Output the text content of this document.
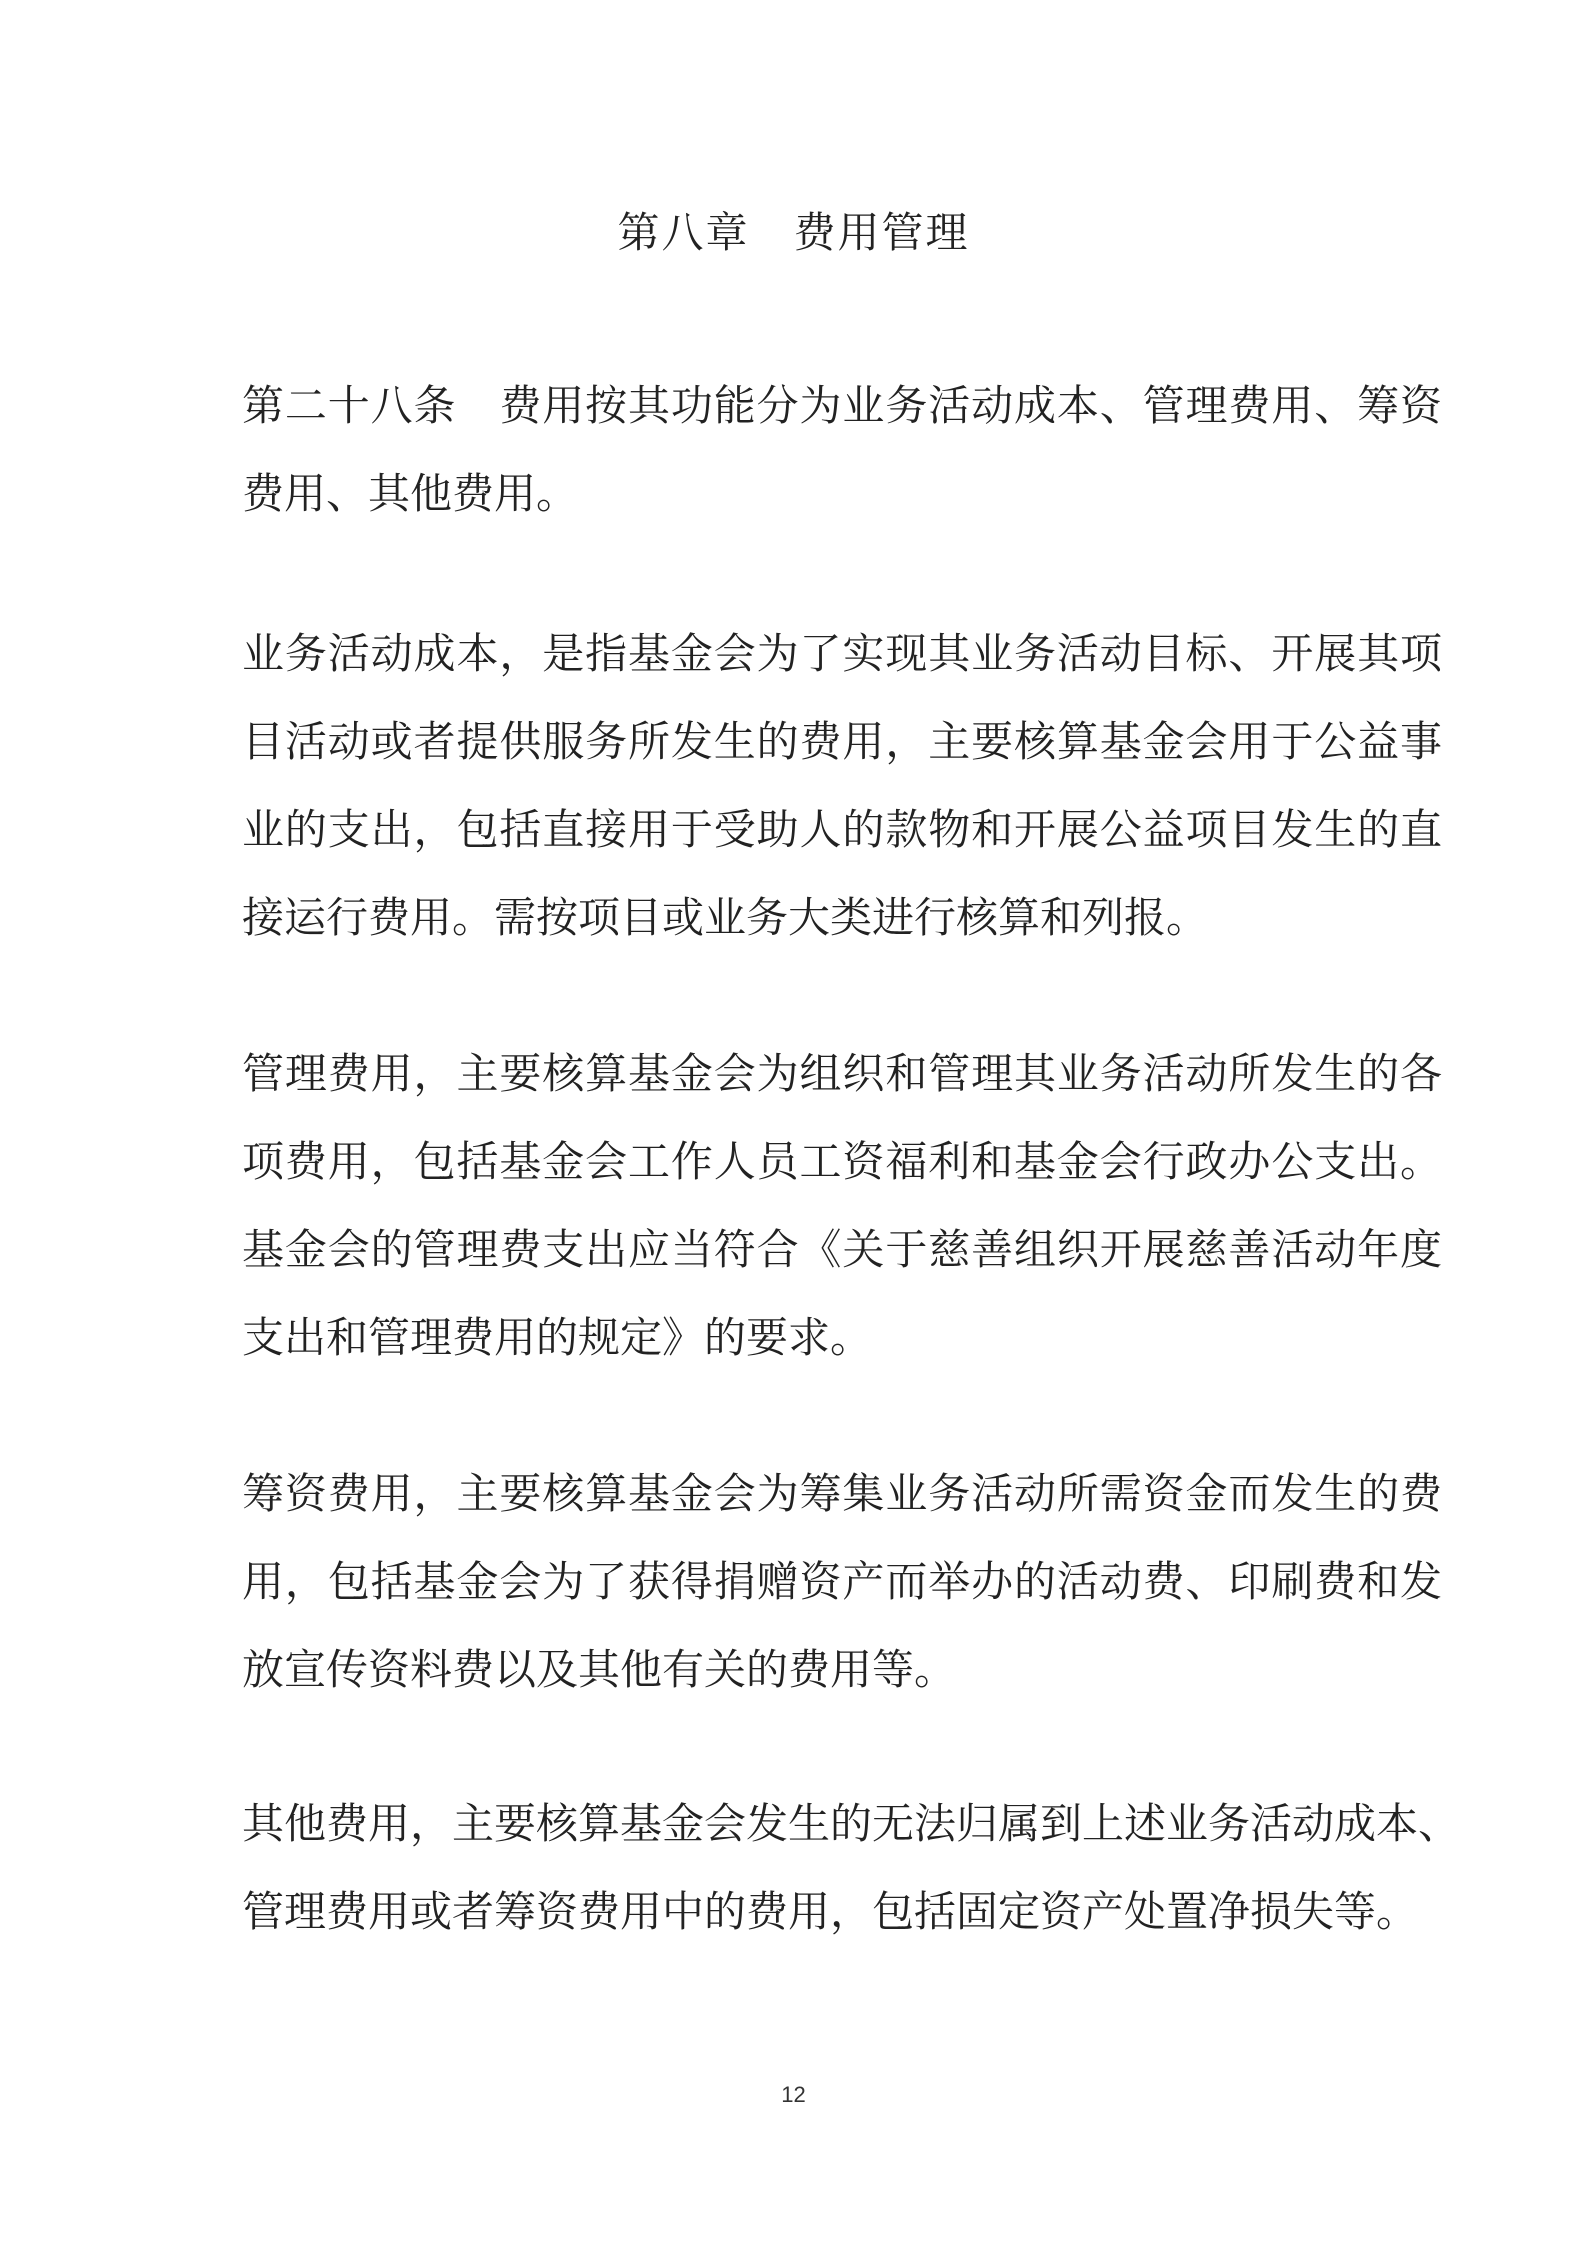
第八章　费用管理
第二十八条　费用按其功能分为业务活动成本、管理费用、筹资
费用、其他费用。
业务活动成本，是指基金会为了实现其业务活动目标、开展其项
目活动或者提供服务所发生的费用，主要核算基金会用于公益事
业的支出，包括直接用于受助人的款物和开展公益项目发生的直
接运行费用。需按项目或业务大类进行核算和列报。
管理费用，主要核算基金会为组织和管理其业务活动所发生的各
项费用，包括基金会工作人员工资福利和基金会行政办公支出。
基金会的管理费支出应当符合《关于慈善组织开展慈善活动年度
支出和管理费用的规定》的要求。
筹资费用，主要核算基金会为筹集业务活动所需资金而发生的费
用，包括基金会为了获得捐赠资产而举办的活动费、印刷费和发
放宣传资料费以及其他有关的费用等。
其他费用，主要核算基金会发生的无法归属到上述业务活动成本、
管理费用或者筹资费用中的费用，包括固定资产处置净损失等。
12
